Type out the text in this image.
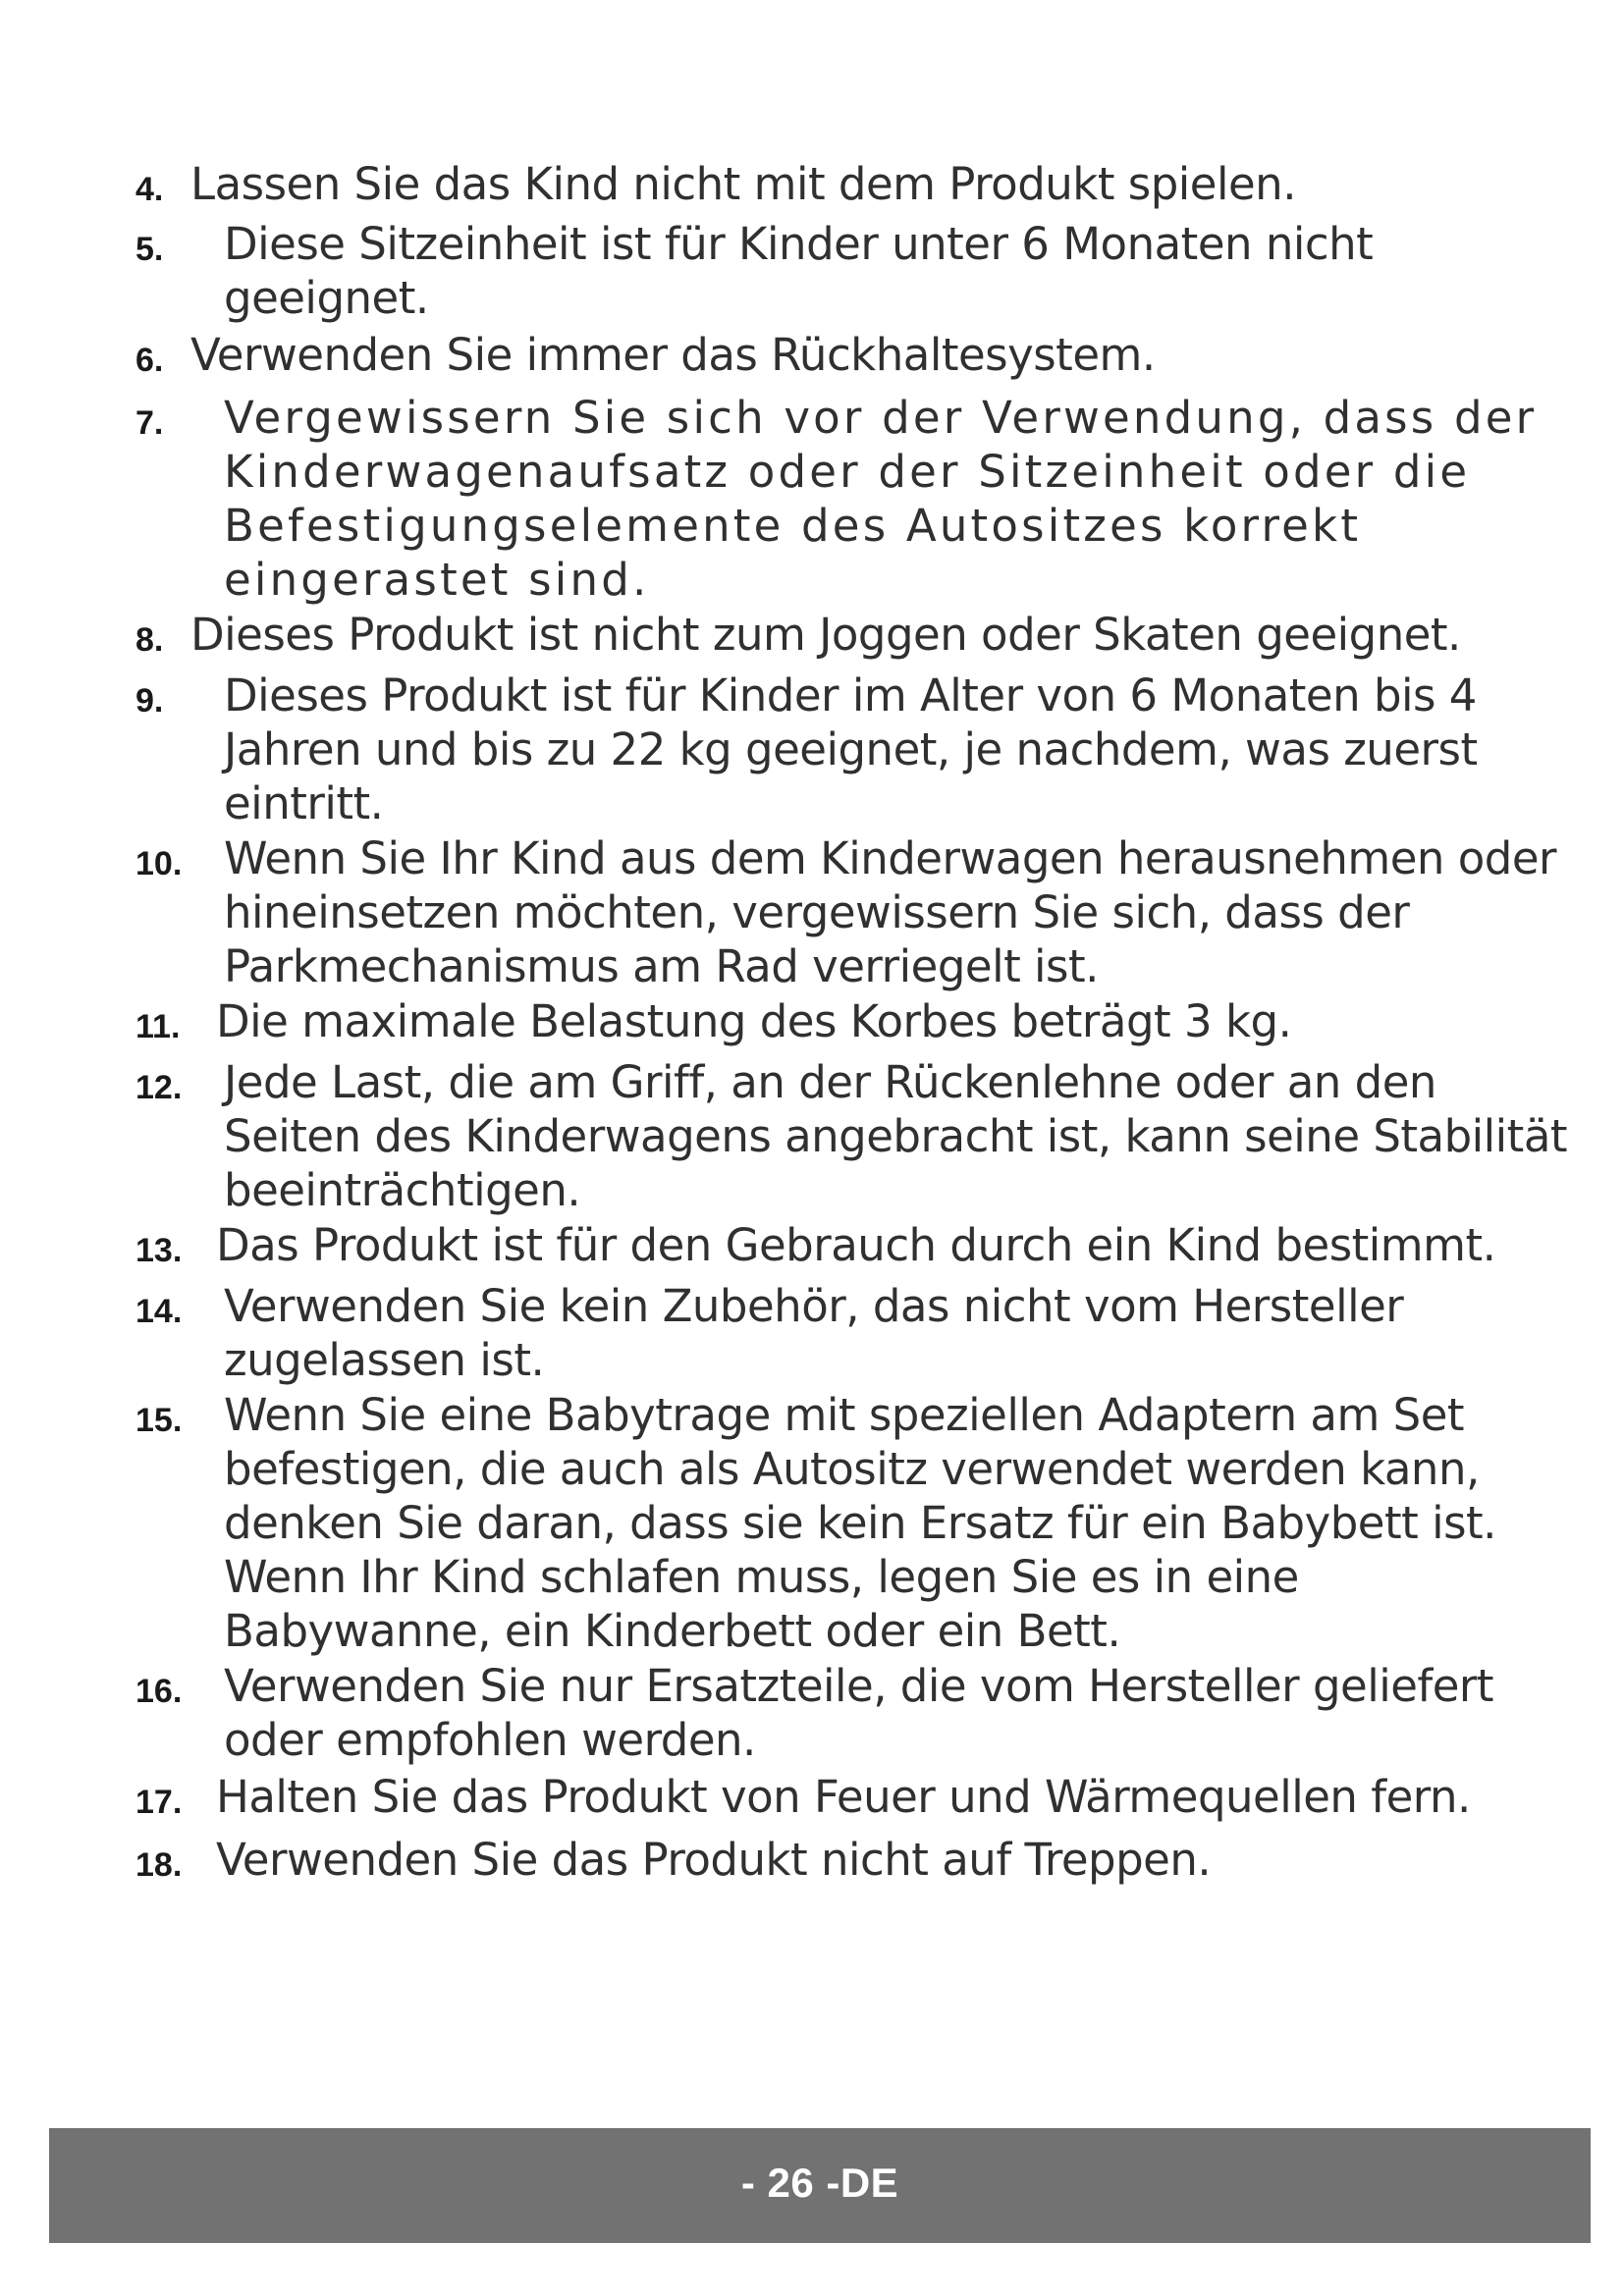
4. Lassen Sie das Kind nicht mit dem Produkt spielen.
5.	Diese Sitzeinheit ist für Kinder unter 6 Monaten nicht geeignet.
6. Verwenden Sie immer das Rückhaltesystem.
7.	Vergewissern Sie sich vor der Verwendung, dass der Kinderwagenaufsatz oder der Sitzeinheit oder die Befestigungselemente des Autositzes korrekt eingerastet sind.
8. Dieses Produkt ist nicht zum Joggen oder Skaten geeignet.
9.	Dieses Produkt ist für Kinder im Alter von 6 Monaten bis 4 Jahren und bis zu 22 kg geeignet, je nachdem, was zuerst eintritt.
10. Wenn Sie Ihr Kind aus dem Kinderwagen herausnehmen oder hineinsetzen möchten, vergewissern Sie sich, dass der Parkmechanismus am Rad verriegelt ist.
11. Die maximale Belastung des Korbes beträgt 3 kg.
12. Jede Last, die am Griff, an der Rückenlehne oder an den Seiten des Kinderwagens angebracht ist, kann seine Stabilität beeinträchtigen.
13. Das Produkt ist für den Gebrauch durch ein Kind bestimmt.
14. Verwenden Sie kein Zubehör, das nicht vom Hersteller zugelassen ist.
15. Wenn Sie eine Babytrage mit speziellen Adaptern am Set befestigen, die auch als Autositz verwendet werden kann, denken Sie daran, dass sie kein Ersatz für ein Babybett ist. Wenn Ihr Kind schlafen muss, legen Sie es in eine Babywanne, ein Kinderbett oder ein Bett.
16. Verwenden Sie nur Ersatzteile, die vom Hersteller geliefert oder empfohlen werden.
17. Halten Sie das Produkt von Feuer und Wärmequellen fern.
18. Verwenden Sie das Produkt nicht auf Treppen.
- 26 -DE
